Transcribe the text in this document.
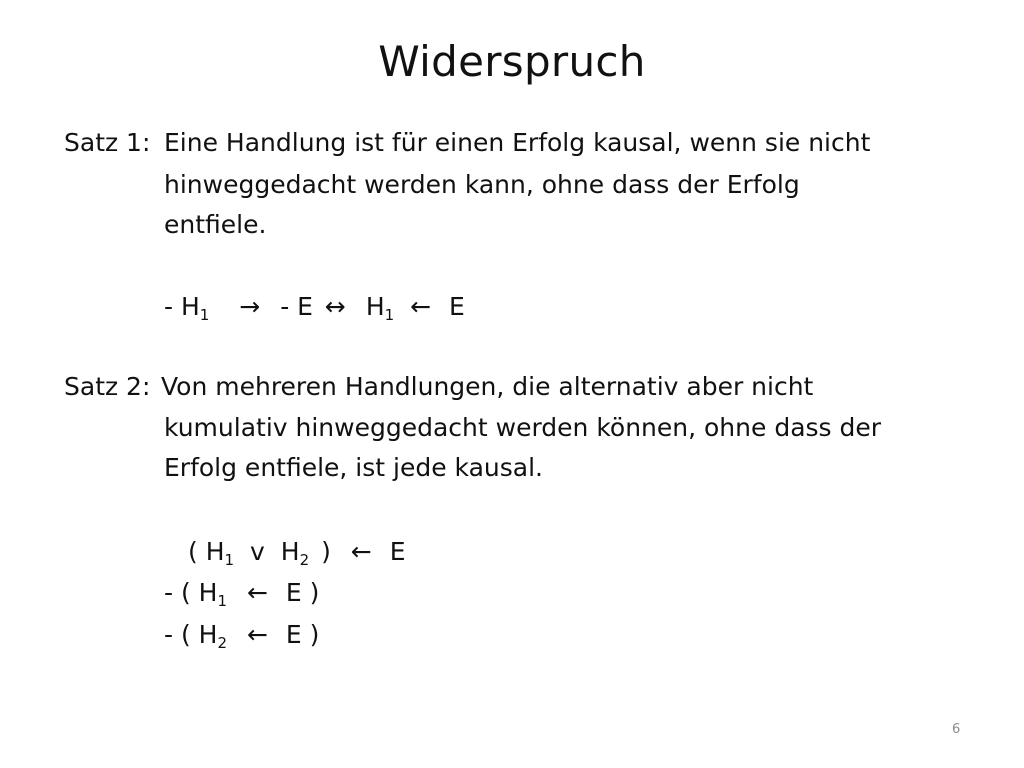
Widerspruch
Satz 1: Eine Handlung ist für einen Erfolg kausal, wenn sie nicht
hinweggedacht werden kann, ohne dass der Erfolg
entfiele.
- $H_1$ → - E ↔ $H_1$ ← E
Satz 2: Von mehreren Handlungen, die alternativ aber nicht
kumulativ hinweggedacht werden können, ohne dass der
Erfolg entfiele, ist jede kausal.
( $H_1$ v $H_2$ ) ← E
- ( $H_1$ ← E )
- ( $H_2$ ← E )
6
